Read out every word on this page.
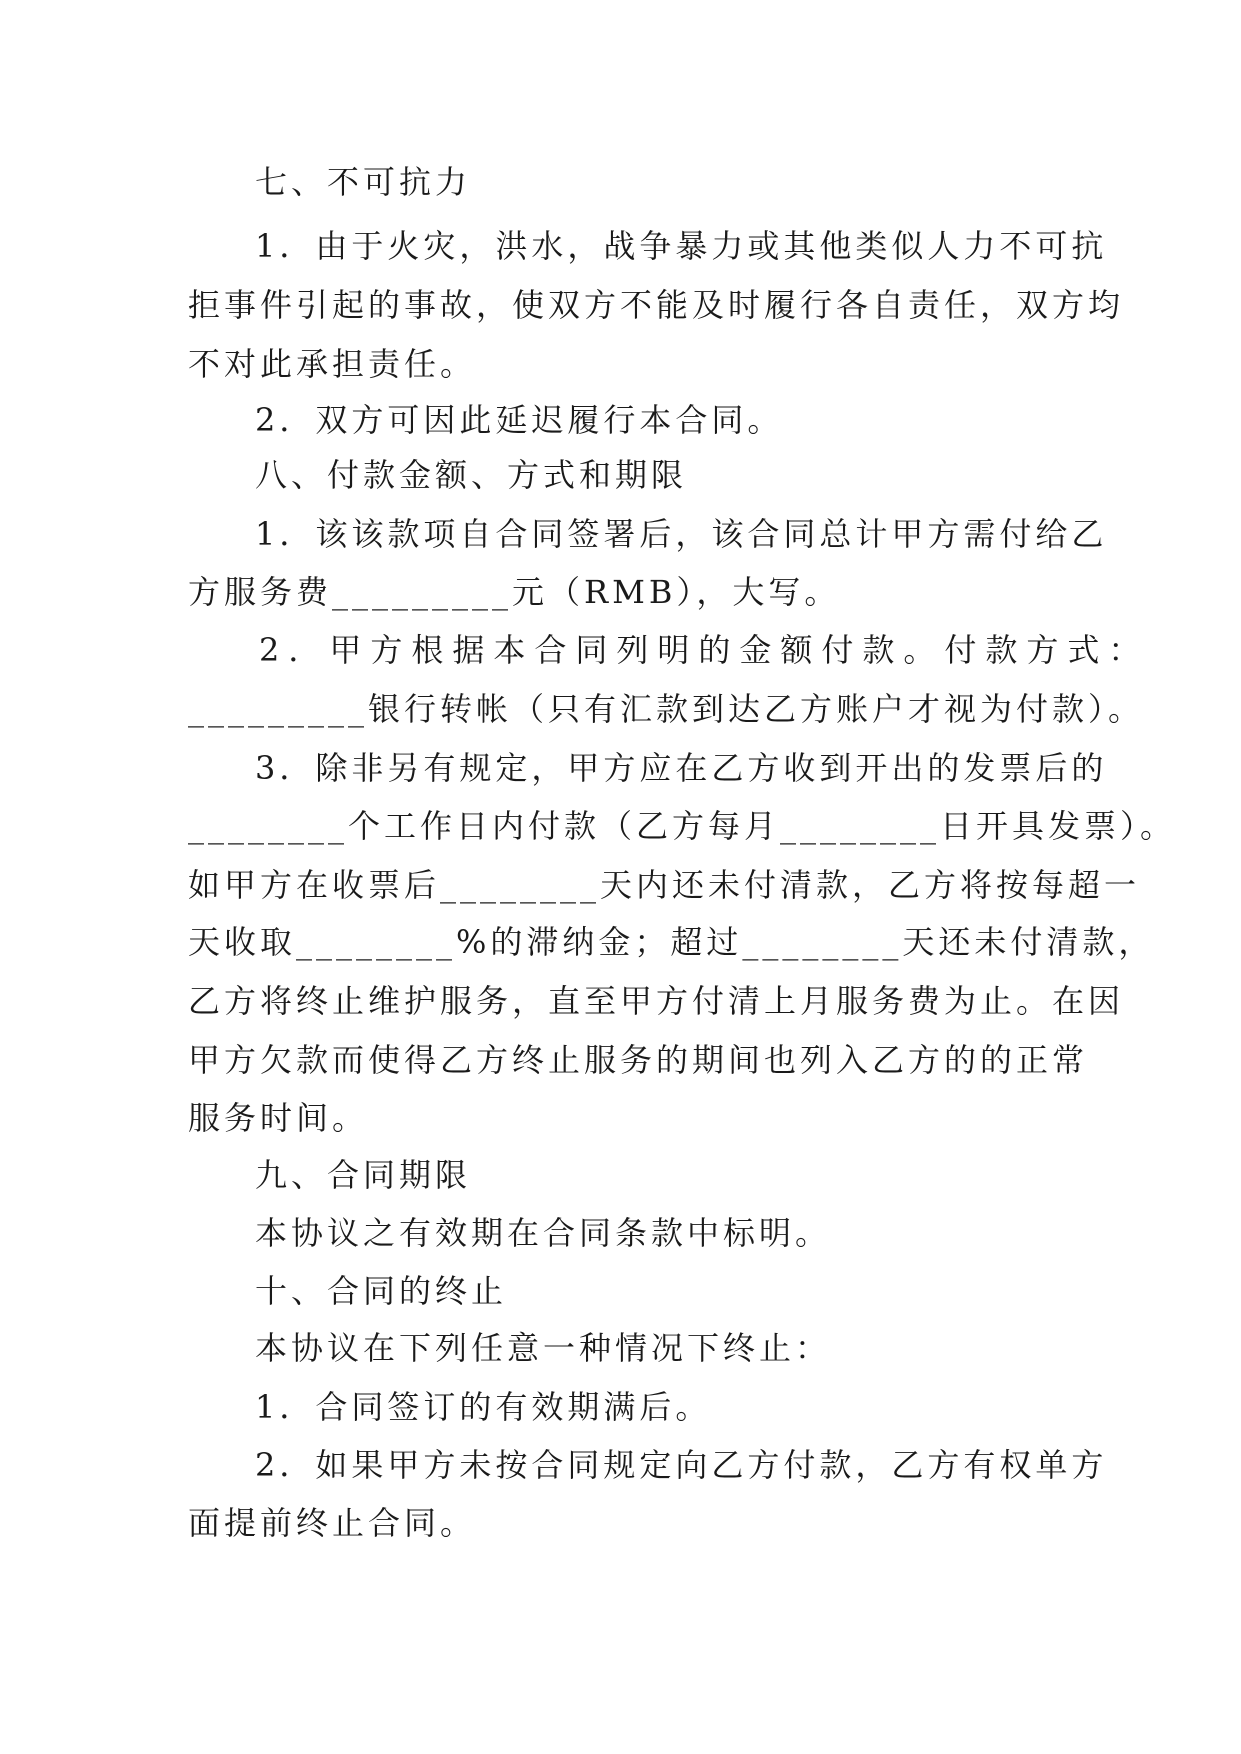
七、不可抗力
1．由于火灾，洪水，战争暴力或其他类似人力不可抗
拒事件引起的事故，使双方不能及时履行各自责任，双方均
不对此承担责任。
2．双方可因此延迟履行本合同。
八、付款金额、方式和期限
1．该该款项自合同签署后，该合同总计甲方需付给乙
方服务费_________元（RMB），大写。
2．甲方根据本合同列明的金额付款。付款方式：
_________银行转帐（只有汇款到达乙方账户才视为付款）。
3．除非另有规定，甲方应在乙方收到开出的发票后的
________个工作日内付款（乙方每月________日开具发票）。
如甲方在收票后________天内还未付清款，乙方将按每超一
天收取________%的滞纳金；超过________天还未付清款，
乙方将终止维护服务，直至甲方付清上月服务费为止。在因
甲方欠款而使得乙方终止服务的期间也列入乙方的的正常
服务时间。
九、合同期限
本协议之有效期在合同条款中标明。
十、合同的终止
本协议在下列任意一种情况下终止：
1．合同签订的有效期满后。
2．如果甲方未按合同规定向乙方付款，乙方有权单方
面提前终止合同。
